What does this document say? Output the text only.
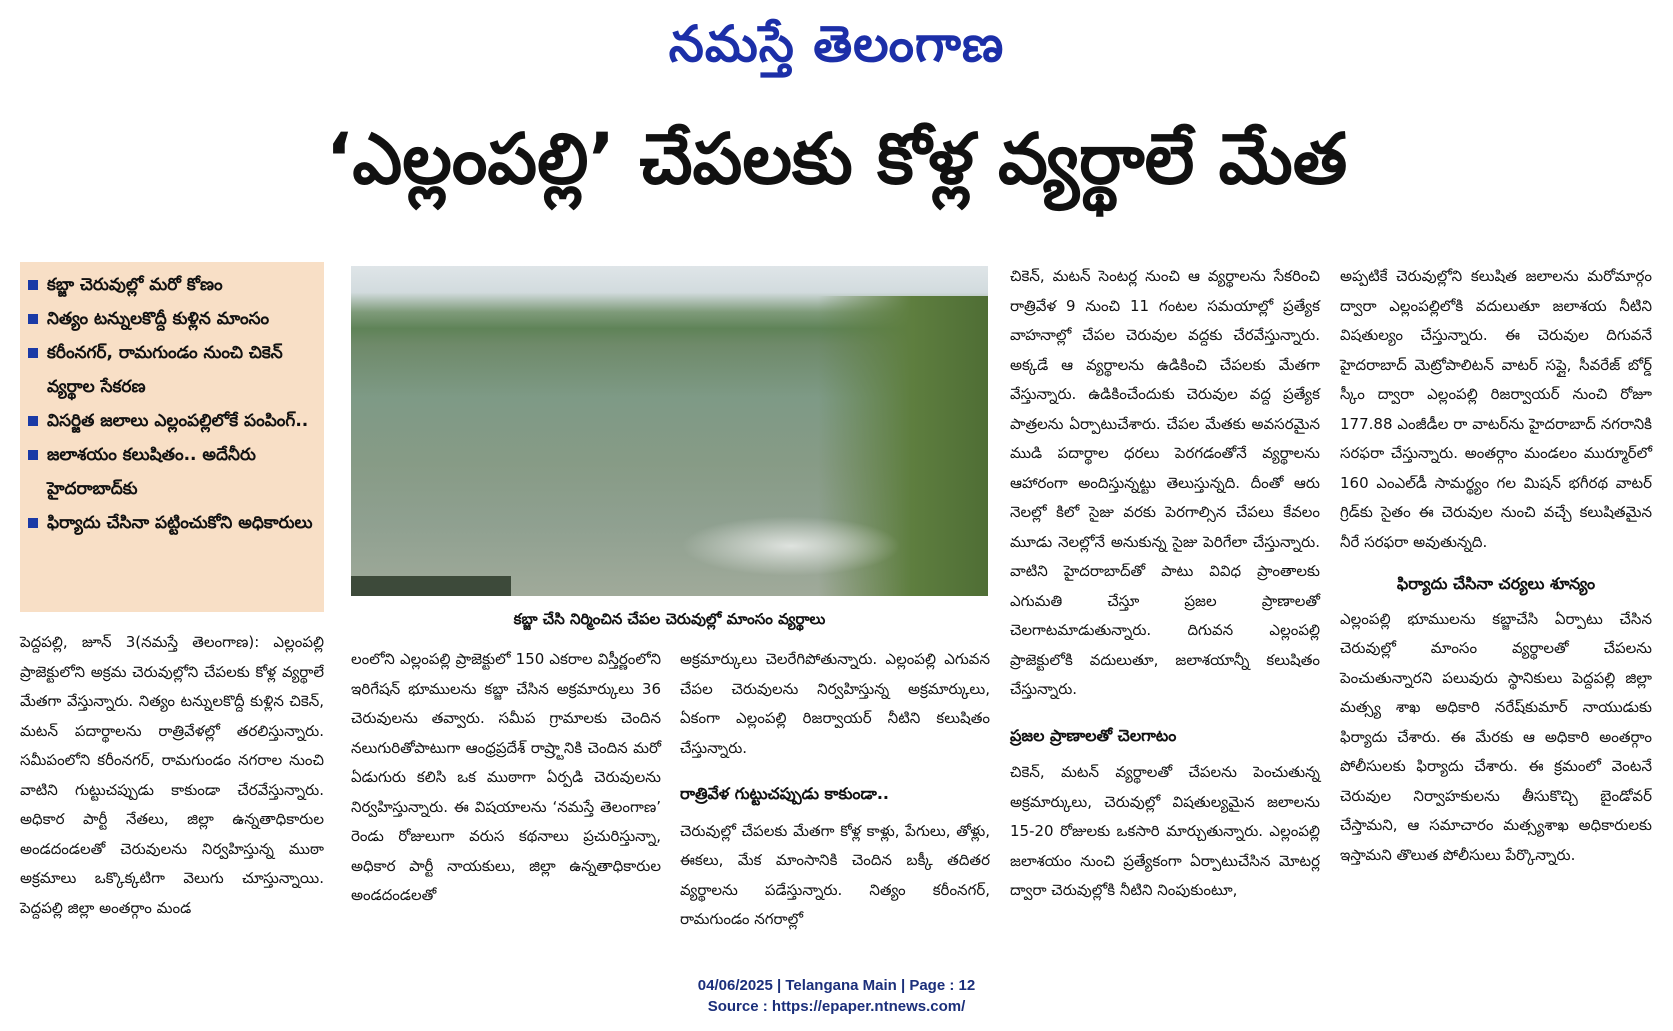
నమస్తే తెలంగాణ
‘ఎల్లంపల్లి’ చేపలకు కోళ్ల వ్యర్థాలే మేత
కబ్జా చెరువుల్లో మరో కోణం
నిత్యం టన్నులకొద్దీ కుళ్లిన మాంసం
కరీంనగర్, రామగుండం నుంచి చికెన్ వ్యర్థాల సేకరణ
విసర్జిత జలాలు ఎల్లంపల్లిలోకే పంపింగ్..
జలాశయం కలుషితం.. అదేనీరు హైదరాబాద్‌కు
ఫిర్యాదు చేసినా పట్టించుకోని అధికారులు
కబ్జా చేసి నిర్మించిన చేపల చెరువుల్లో మాంసం వ్యర్థాలు

పెద్దపల్లి, జూన్ 3(నమస్తే తెలంగాణ): ఎల్లంపల్లి ప్రాజెక్టులోని అక్రమ చెరువుల్లోని చేపలకు కోళ్ల వ్యర్థాలే మేతగా వేస్తున్నారు. నిత్యం టన్నులకొద్దీ కుళ్లిన చికెన్, మటన్ పదార్థాలను రాత్రివేళల్లో తరలిస్తున్నారు. సమీపంలోని కరీంనగర్, రామగుండం నగరాల నుంచి వాటిని గుట్టుచప్పుడు కాకుండా చేరవేస్తున్నారు. అధికార పార్టీ నేతలు, జిల్లా ఉన్నతాధికారుల అండదండలతో చెరువులను నిర్వహిస్తున్న ముఠా అక్రమాలు ఒక్కొక్కటిగా వెలుగు చూస్తున్నాయి. పెద్దపల్లి జిల్లా అంతర్గాం మండ

లంలోని ఎల్లంపల్లి ప్రాజెక్టులో 150 ఎకరాల విస్తీర్ణంలోని ఇరిగేషన్ భూములను కబ్జా చేసిన అక్రమార్కులు 36 చెరువులను తవ్వారు. సమీప గ్రామాలకు చెందిన నలుగురితోపాటుగా ఆంధ్రప్రదేశ్ రాష్ర్టానికి చెందిన మరో ఏడుగురు కలిసి ఒక ముఠాగా ఏర్పడి చెరువులను నిర్వహిస్తున్నారు. ఈ విషయాలను ‘నమస్తే తెలంగాణ’ రెండు రోజులుగా వరుస కథనాలు ప్రచురిస్తున్నా, అధికార పార్టీ నాయకులు, జిల్లా ఉన్నతాధికారుల అండదండలతో

అక్రమార్కులు చెలరేగిపోతున్నారు. ఎల్లంపల్లి ఎగువన చేపల చెరువులను నిర్వహిస్తున్న అక్రమార్కులు, ఏకంగా ఎల్లంపల్లి రిజర్వాయర్ నీటిని కలుషితం చేస్తున్నారు.

రాత్రివేళ గుట్టుచప్పుడు కాకుండా..

చెరువుల్లో చేపలకు మేతగా కోళ్ల కాళ్లు, పేగులు, తోళ్లు, ఈకలు, మేక మాంసానికి చెందిన బక్కీ తదితర వ్యర్థాలను పడేస్తున్నారు. నిత్యం కరీంనగర్, రామగుండం నగరాల్లో

చికెన్, మటన్ సెంటర్ల నుంచి ఆ వ్యర్థాలను సేకరించి రాత్రివేళ 9 నుంచి 11 గంటల సమయాల్లో ప్రత్యేక వాహనాల్లో చేపల చెరువుల వద్దకు చేరవేస్తున్నారు. అక్కడే ఆ వ్యర్థాలను ఉడికించి చేపలకు మేతగా వేస్తున్నారు. ఉడికించేందుకు చెరువుల వద్ద ప్రత్యేక పాత్రలను ఏర్పాటుచేశారు. చేపల మేతకు అవసరమైన ముడి పదార్థాల ధరలు పెరగడంతోనే వ్యర్థాలను ఆహారంగా అందిస్తున్నట్టు తెలుస్తున్నది. దీంతో ఆరు నెలల్లో కిలో సైజు వరకు పెరగాల్సిన చేపలు కేవలం మూడు నెలల్లోనే అనుకున్న సైజు పెరిగేలా చేస్తున్నారు. వాటిని హైదరాబాద్‌తో పాటు వివిధ ప్రాంతాలకు ఎగుమతి చేస్తూ ప్రజల ప్రాణాలతో చెలగాటమాడుతున్నారు. దిగువన ఎల్లంపల్లి ప్రాజెక్టులోకి వదులుతూ, జలాశయాన్నీ కలుషితం చేస్తున్నారు.

ప్రజల ప్రాణాలతో చెలగాటం

చికెన్, మటన్ వ్యర్థాలతో చేపలను పెంచుతున్న అక్రమార్కులు, చెరువుల్లో విషతుల్యమైన జలాలను 15-20 రోజులకు ఒకసారి మార్చుతున్నారు. ఎల్లంపల్లి జలాశయం నుంచి ప్రత్యేకంగా ఏర్పాటుచేసిన మోటర్ల ద్వారా చెరువుల్లోకి నీటిని నింపుకుంటూ,

అప్పటికే చెరువుల్లోని కలుషిత జలాలను మరోమార్గం ద్వారా ఎల్లంపల్లిలోకి వదులుతూ జలాశయ నీటిని విషతుల్యం చేస్తున్నారు. ఈ చెరువుల దిగువనే హైదరాబాద్ మెట్రోపాలిటన్ వాటర్ సప్లై, సీవరేజ్ బోర్డ్ స్కీం ద్వారా ఎల్లంపల్లి రిజర్వాయర్ నుంచి రోజూ 177.88 ఎంజీడీల రా వాటర్‌ను హైదరాబాద్ నగరానికి సరఫరా చేస్తున్నారు. అంతర్గాం మండలం ముర్మూర్‌లో 160 ఎంఎల్‌డీ సామర్థ్యం గల మిషన్ భగీరథ వాటర్ గ్రిడ్‌కు సైతం ఈ చెరువుల నుంచి వచ్చే కలుషితమైన నీరే సరఫరా అవుతున్నది.

ఫిర్యాదు చేసినా చర్యలు శూన్యం

ఎల్లంపల్లి భూములను కబ్జాచేసి ఏర్పాటు చేసిన చెరువుల్లో మాంసం వ్యర్థాలతో చేపలను పెంచుతున్నారని పలువురు స్థానికులు పెద్దపల్లి జిల్లా మత్స్య శాఖ అధికారి నరేష్‌కుమార్ నాయుడుకు ఫిర్యాదు చేశారు. ఈ మేరకు ఆ అధికారి అంతర్గాం పోలీసులకు ఫిర్యాదు చేశారు. ఈ క్రమంలో వెంటనే చెరువుల నిర్వాహకులను తీసుకొచ్చి బైండోవర్ చేస్తామని, ఆ సమాచారం మత్స్యశాఖ అధికారులకు ఇస్తామని తొలుత పోలీసులు పేర్కొన్నారు.

04/06/2025 | Telangana Main | Page : 12
Source : https://epaper.ntnews.com/
